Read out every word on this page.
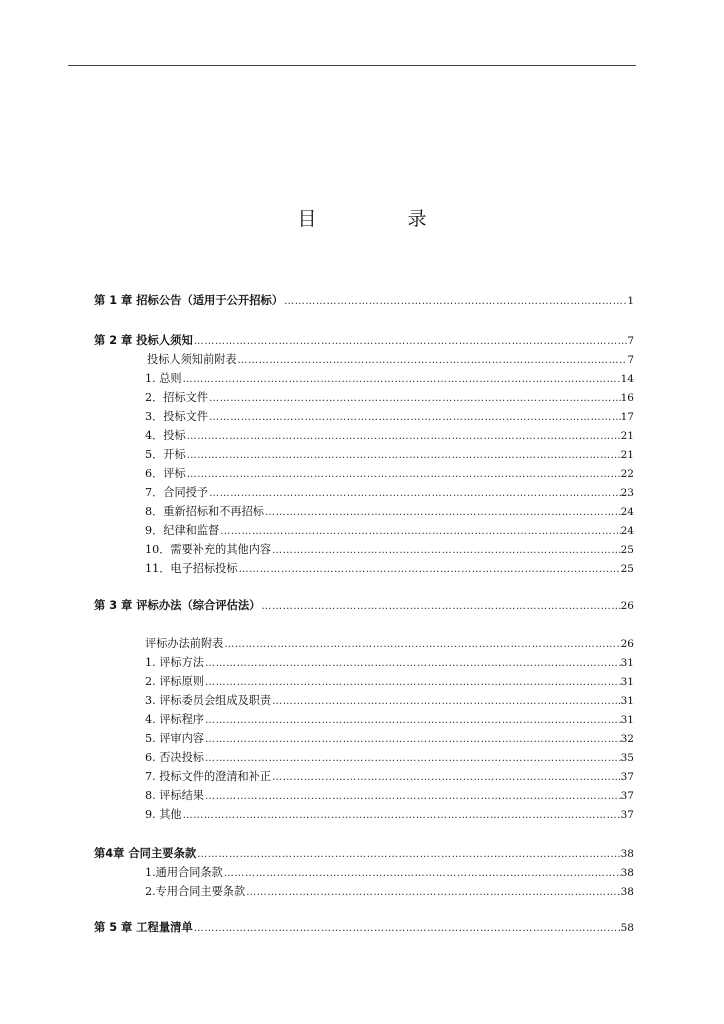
目　录
第 1 章 招标公告（适用于公开招标） …………………………………………………………………………………………………………………………………………………………………………………………………………………………………	1
第 2 章 投标人须知 …………………………………………………………………………………………………………………………………………………………………………………………………………………………………	7
投标人须知前附表 …………………………………………………………………………………………………………………………………………………………………………………………………………………………………	7
1. 总则 …………………………………………………………………………………………………………………………………………………………………………………………………………………………………	14
2．招标文件 …………………………………………………………………………………………………………………………………………………………………………………………………………………………………	16
3．投标文件 …………………………………………………………………………………………………………………………………………………………………………………………………………………………………	17
4．投标 …………………………………………………………………………………………………………………………………………………………………………………………………………………………………	21
5．开标 …………………………………………………………………………………………………………………………………………………………………………………………………………………………………	21
6．评标 …………………………………………………………………………………………………………………………………………………………………………………………………………………………………	22
7．合同授予 …………………………………………………………………………………………………………………………………………………………………………………………………………………………………	23
8．重新招标和不再招标 …………………………………………………………………………………………………………………………………………………………………………………………………………………………………	24
9．纪律和监督 …………………………………………………………………………………………………………………………………………………………………………………………………………………………………	24
10．需要补充的其他内容 …………………………………………………………………………………………………………………………………………………………………………………………………………………………………	25
11．电子招标投标 …………………………………………………………………………………………………………………………………………………………………………………………………………………………………	25
第 3 章 评标办法（综合评估法） …………………………………………………………………………………………………………………………………………………………………………………………………………………………………	26
评标办法前附表 …………………………………………………………………………………………………………………………………………………………………………………………………………………………………	26
1. 评标方法 …………………………………………………………………………………………………………………………………………………………………………………………………………………………………	31
2. 评标原则 …………………………………………………………………………………………………………………………………………………………………………………………………………………………………	31
3. 评标委员会组成及职责 …………………………………………………………………………………………………………………………………………………………………………………………………………………………………	31
4. 评标程序 …………………………………………………………………………………………………………………………………………………………………………………………………………………………………	31
5. 评审内容 …………………………………………………………………………………………………………………………………………………………………………………………………………………………………	32
6. 否决投标 …………………………………………………………………………………………………………………………………………………………………………………………………………………………………	35
7. 投标文件的澄清和补正 …………………………………………………………………………………………………………………………………………………………………………………………………………………………………	37
8. 评标结果 …………………………………………………………………………………………………………………………………………………………………………………………………………………………………	37
9. 其他 …………………………………………………………………………………………………………………………………………………………………………………………………………………………………	37
第4章 合同主要条款 …………………………………………………………………………………………………………………………………………………………………………………………………………………………………	38
1.通用合同条款 …………………………………………………………………………………………………………………………………………………………………………………………………………………………………	38
2.专用合同主要条款 …………………………………………………………………………………………………………………………………………………………………………………………………………………………………	38
第 5 章 工程量清单 …………………………………………………………………………………………………………………………………………………………………………………………………………………………………	58
